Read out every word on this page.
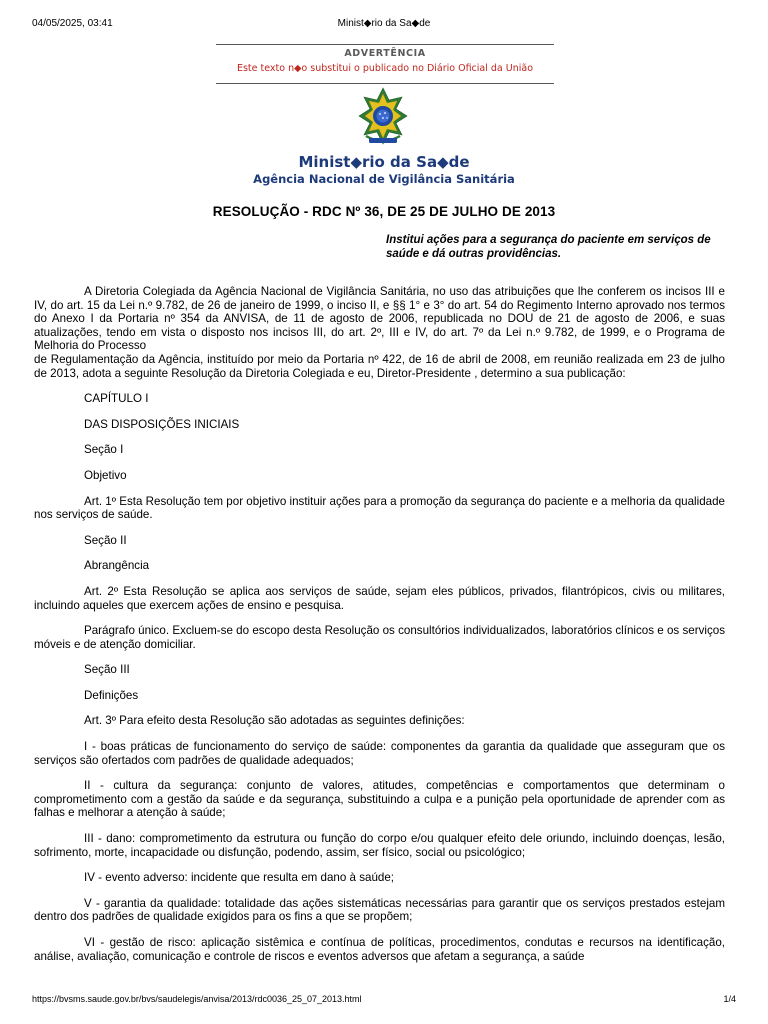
04/05/2025, 03:41	Minist◆rio da Sa◆de
ADVERTÊNCIA
Este texto n◆o substitui o publicado no Diário Oficial da União
Minist◆rio da Sa◆de
Agência Nacional de Vigilância Sanitária
RESOLUÇÃO - RDC Nº 36, DE 25 DE JULHO DE 2013
Institui ações para a segurança do paciente em serviços de saúde e dá outras providências.

A Diretoria Colegiada da Agência Nacional de Vigilância Sanitária, no uso das atribuições que lhe conferem os incisos III e IV, do art. 15 da Lei n.º 9.782, de 26 de janeiro de 1999, o inciso II, e §§ 1° e 3° do art. 54 do Regimento Interno aprovado nos termos do Anexo I da Portaria nº 354 da ANVISA, de 11 de agosto de 2006, republicada no DOU de 21 de agosto de 2006, e suas atualizações, tendo em vista o disposto nos incisos III, do art. 2º, III e IV, do art. 7º da Lei n.º 9.782, de 1999, e o Programa de Melhoria do Processo

de Regulamentação da Agência, instituído por meio da Portaria nº 422, de 16 de abril de 2008, em reunião realizada em 23 de julho de 2013, adota a seguinte Resolução da Diretoria Colegiada e eu, Diretor-Presidente , determino a sua publicação:

CAPÍTULO I

DAS DISPOSIÇÕES INICIAIS

Seção I

Objetivo

Art. 1º Esta Resolução tem por objetivo instituir ações para a promoção da segurança do paciente e a melhoria da qualidade nos serviços de saúde.

Seção II

Abrangência

Art. 2º Esta Resolução se aplica aos serviços de saúde, sejam eles públicos, privados, filantrópicos, civis ou militares, incluindo aqueles que exercem ações de ensino e pesquisa.

Parágrafo único. Excluem-se do escopo desta Resolução os consultórios individualizados, laboratórios clínicos e os serviços móveis e de atenção domiciliar.

Seção III

Definições

Art. 3º Para efeito desta Resolução são adotadas as seguintes definições:

I - boas práticas de funcionamento do serviço de saúde: componentes da garantia da qualidade que asseguram que os serviços são ofertados com padrões de qualidade adequados;

II - cultura da segurança: conjunto de valores, atitudes, competências e comportamentos que determinam o comprometimento com a gestão da saúde e da segurança, substituindo a culpa e a punição pela oportunidade de aprender com as falhas e melhorar a atenção à saúde;

III - dano: comprometimento da estrutura ou função do corpo e/ou qualquer efeito dele oriundo, incluindo doenças, lesão, sofrimento, morte, incapacidade ou disfunção, podendo, assim, ser físico, social ou psicológico;

IV - evento adverso: incidente que resulta em dano à saúde;

V - garantia da qualidade: totalidade das ações sistemáticas necessárias para garantir que os serviços prestados estejam dentro dos padrões de qualidade exigidos para os fins a que se propõem;

VI - gestão de risco: aplicação sistêmica e contínua de políticas, procedimentos, condutas e recursos na identificação, análise, avaliação, comunicação e controle de riscos e eventos adversos que afetam a segurança, a saúde

https://bvsms.saude.gov.br/bvs/saudelegis/anvisa/2013/rdc0036_25_07_2013.html	1/4
